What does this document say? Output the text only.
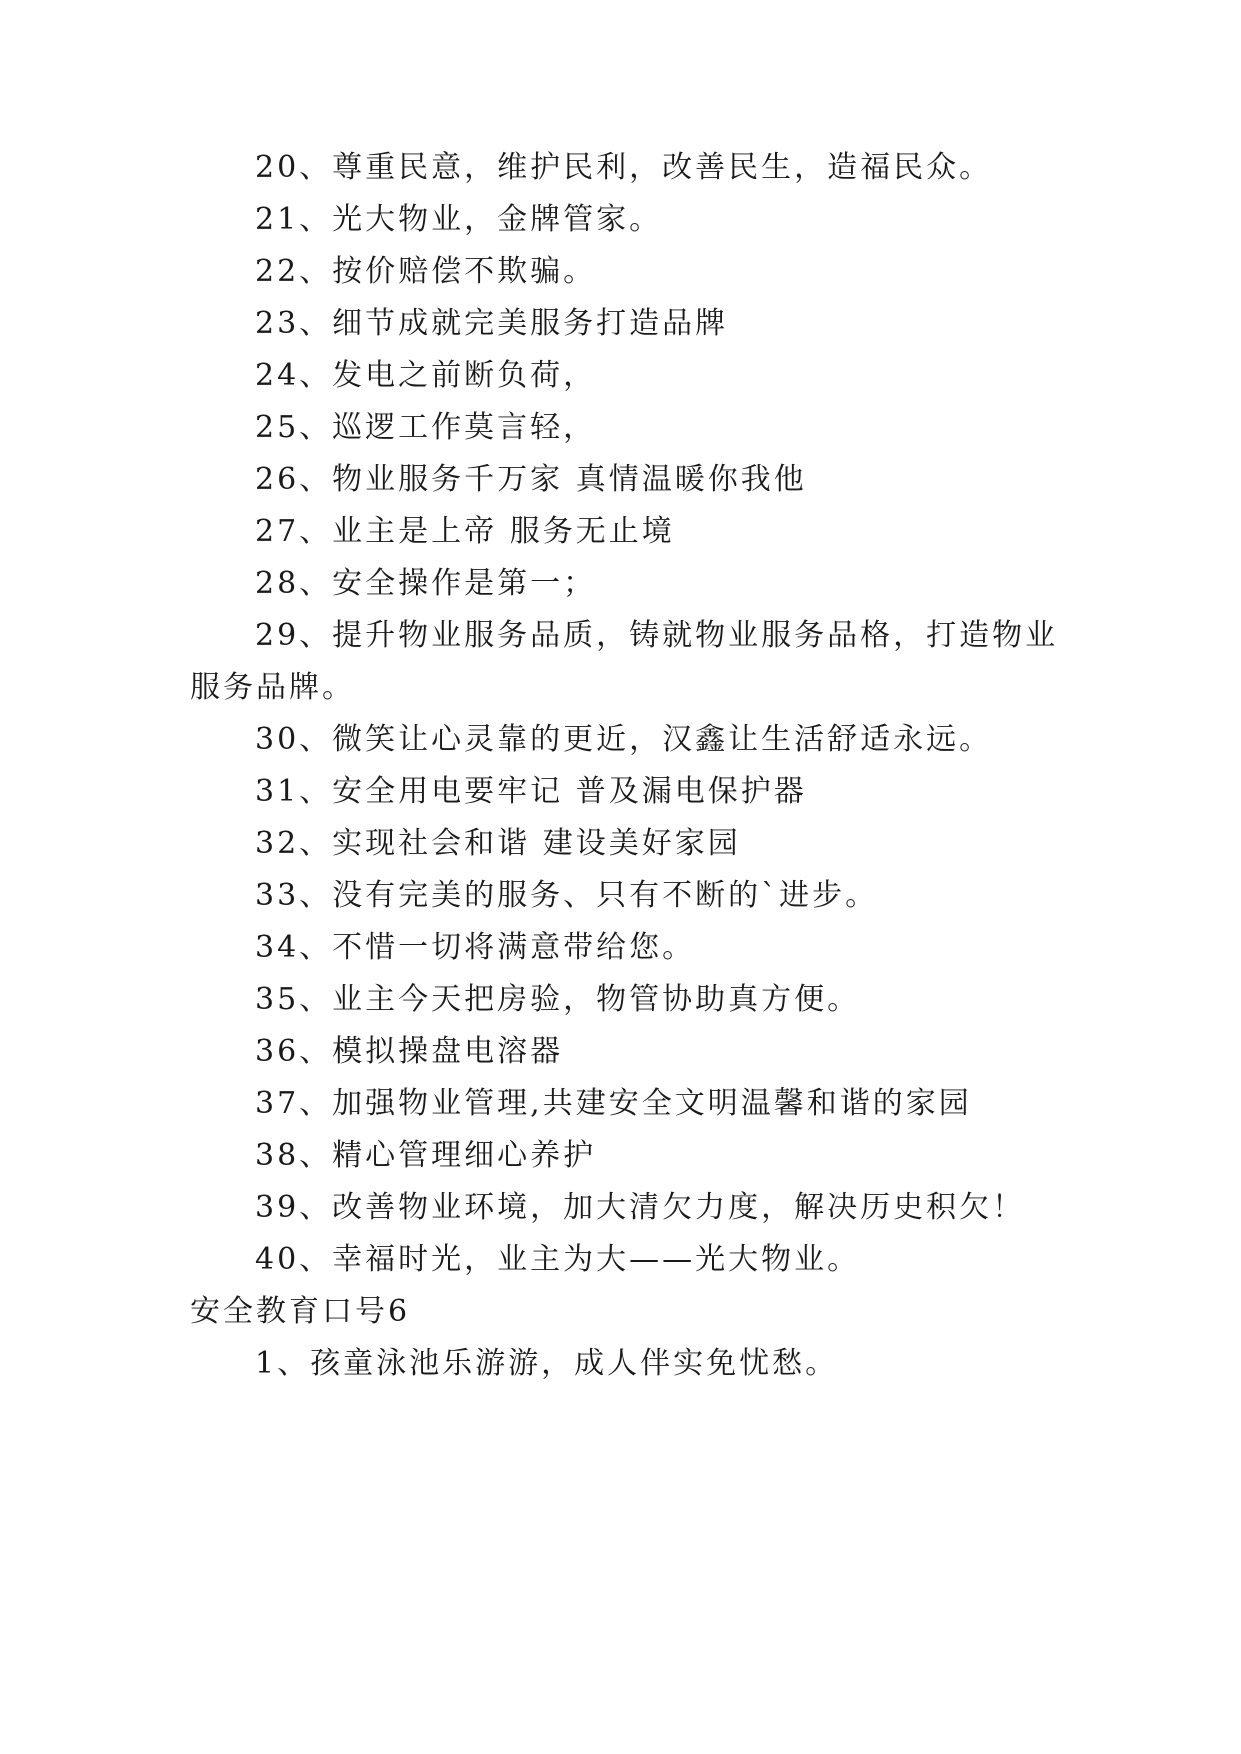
20、尊重民意，维护民利，改善民生，造福民众。
21、光大物业，金牌管家。
22、按价赔偿不欺骗。
23、细节成就完美服务打造品牌
24、发电之前断负荷，
25、巡逻工作莫言轻，
26、物业服务千万家 真情温暖你我他
27、业主是上帝 服务无止境
28、安全操作是第一；
29、提升物业服务品质，铸就物业服务品格，打造物业
服务品牌。
30、微笑让心灵靠的更近，汉鑫让生活舒适永远。
31、安全用电要牢记 普及漏电保护器
32、实现社会和谐 建设美好家园
33、没有完美的服务、只有不断的`进步。
34、不惜一切将满意带给您。
35、业主今天把房验，物管协助真方便。
36、模拟操盘电溶器
37、加强物业管理,共建安全文明温馨和谐的家园
38、精心管理细心养护
39、改善物业环境，加大清欠力度，解决历史积欠！
40、幸福时光，业主为大——光大物业。
安全教育口号6
1、孩童泳池乐游游，成人伴实免忧愁。
